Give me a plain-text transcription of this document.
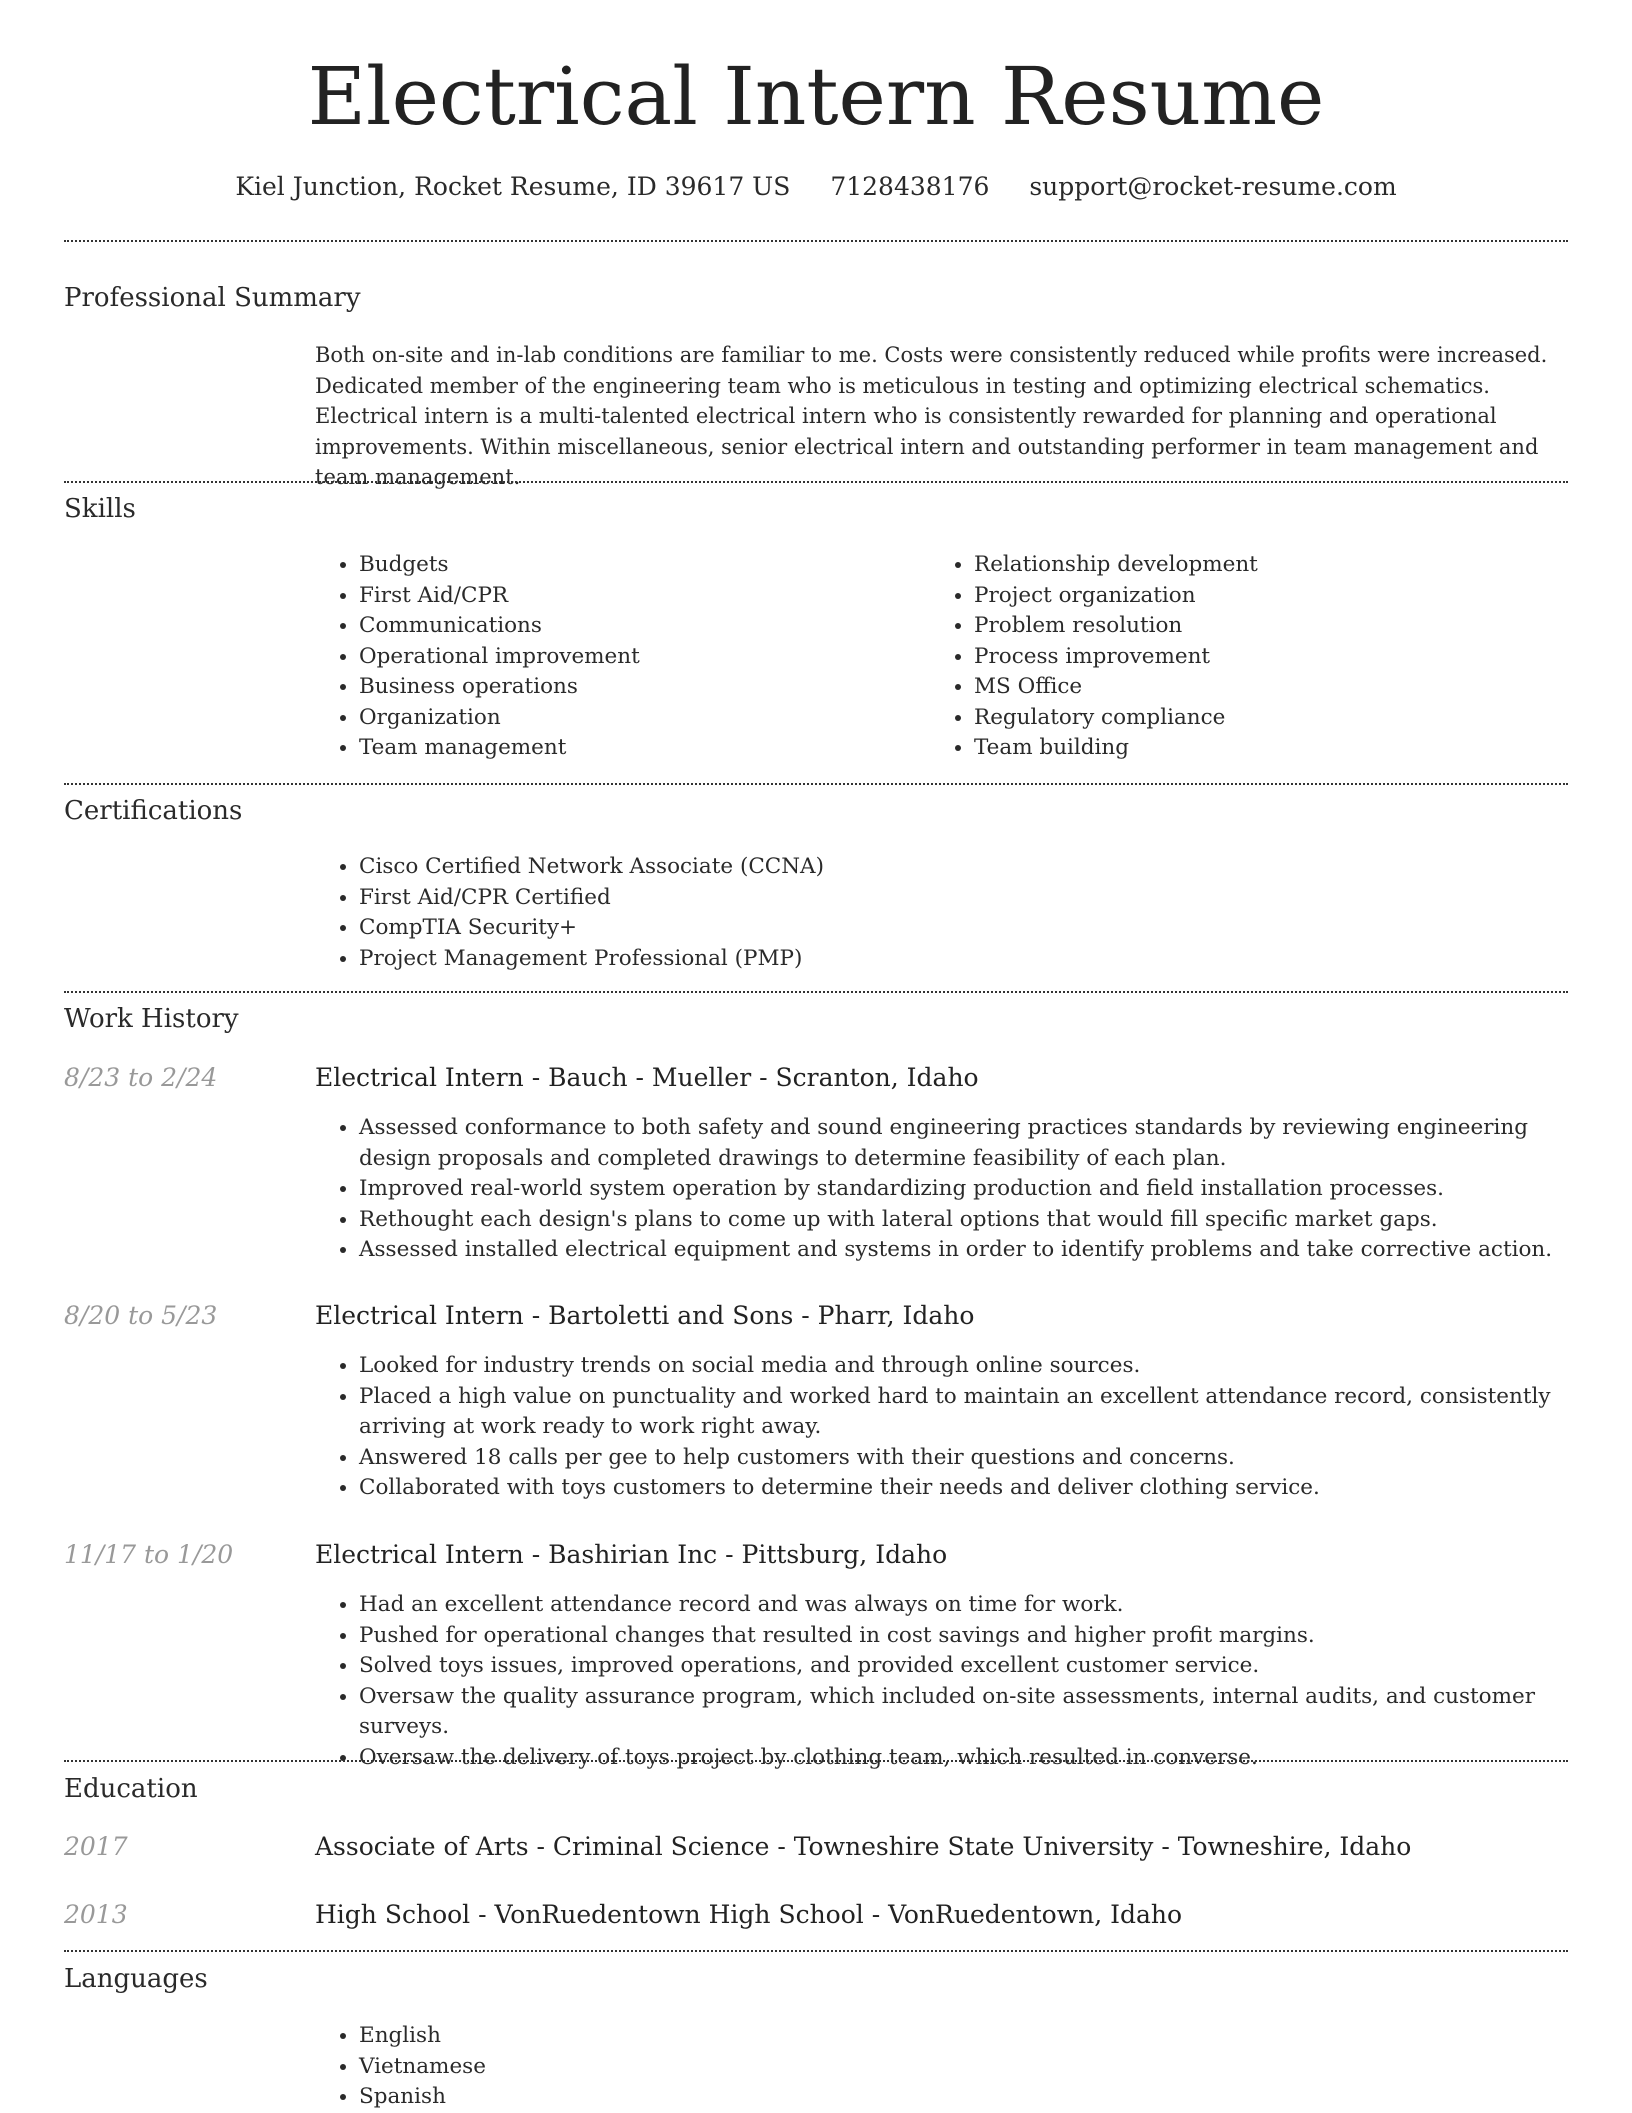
Electrical Intern Resume
Kiel Junction, Rocket Resume, ID 39617 US 7128438176 support@rocket-resume.com
Professional Summary
Both on-site and in-lab conditions are familiar to me. Costs were consistently reduced while profits were increased. Dedicated member of the engineering team who is meticulous in testing and optimizing electrical schematics. Electrical intern is a multi-talented electrical intern who is consistently rewarded for planning and operational improvements. Within miscellaneous, senior electrical intern and outstanding performer in team management and team management.
Skills
• Budgets
• First Aid/CPR
• Communications
• Operational improvement
• Business operations
• Organization
• Team management
• Relationship development
• Project organization
• Problem resolution
• Process improvement
• MS Office
• Regulatory compliance
• Team building
Certifications
• Cisco Certified Network Associate (CCNA)
• First Aid/CPR Certified
• CompTIA Security+
• Project Management Professional (PMP)
Work History
8/23 to 2/24	Electrical Intern - Bauch - Mueller - Scranton, Idaho
• Assessed conformance to both safety and sound engineering practices standards by reviewing engineering design proposals and completed drawings to determine feasibility of each plan.
• Improved real-world system operation by standardizing production and field installation processes.
• Rethought each design's plans to come up with lateral options that would fill specific market gaps.
• Assessed installed electrical equipment and systems in order to identify problems and take corrective action.
8/20 to 5/23	Electrical Intern - Bartoletti and Sons - Pharr, Idaho
• Looked for industry trends on social media and through online sources.
• Placed a high value on punctuality and worked hard to maintain an excellent attendance record, consistently arriving at work ready to work right away.
• Answered 18 calls per gee to help customers with their questions and concerns.
• Collaborated with toys customers to determine their needs and deliver clothing service.
11/17 to 1/20	Electrical Intern - Bashirian Inc - Pittsburg, Idaho
• Had an excellent attendance record and was always on time for work.
• Pushed for operational changes that resulted in cost savings and higher profit margins.
• Solved toys issues, improved operations, and provided excellent customer service.
• Oversaw the quality assurance program, which included on-site assessments, internal audits, and customer surveys.
• Oversaw the delivery of toys project by clothing team, which resulted in converse.
Education
2017	Associate of Arts - Criminal Science - Towneshire State University - Towneshire, Idaho
2013	High School - VonRuedentown High School - VonRuedentown, Idaho
Languages
• English
• Vietnamese
• Spanish
